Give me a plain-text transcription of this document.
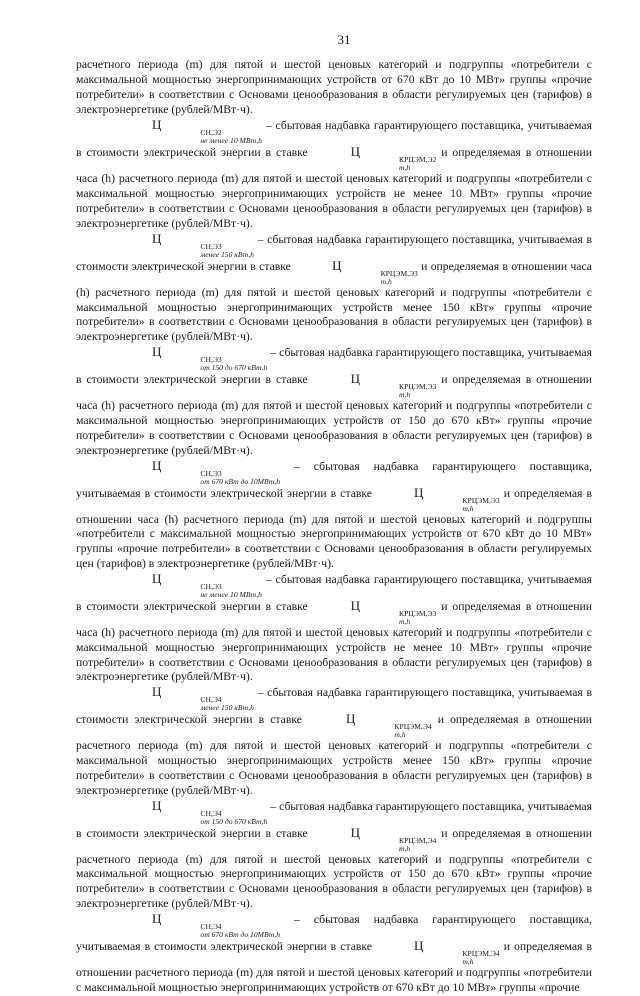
31

расчетного периода (m) для пятой и шестой ценовых категорий и подгруппы «потребители с максимальной мощностью энергопринимающих устройств от 670 кВт до 10 МВт» группы «прочие потребители» в соответствии с Основами ценообразования в области регулируемых цен (тарифов) в электроэнергетике (рублей/МВт·ч).

Ц
СН,Э2
не менее 10 МВт,h
– сбытовая надбавка гарантирующего поставщика, учитываемая в стоимости электрической энергии в ставке	Ц
КРЦЭМ,Э2
m,h
и определяемая в отношении часа (h) расчетного периода (m) для пятой и шестой ценовых категорий и подгруппы «потребители с максимальной мощностью энергопринимающих устройств не менее 10 МВт» группы «прочие потребители» в соответствии с Основами ценообразования в области регулируемых цен (тарифов) в электроэнергетике (рублей/МВт·ч).

Ц
СН,Э3
менее 150 кВт,h
– сбытовая надбавка гарантирующего поставщика, учитываемая в стоимости электрической энергии в ставке	Ц
КРЦЭМ,Э3
m,h
и определяемая в отношении часа (h) расчетного периода (m) для пятой и шестой ценовых категорий и подгруппы «потребители с максимальной мощностью энергопринимающих устройств менее 150 кВт» группы «прочие потребители» в соответствии с Основами ценообразования в области регулируемых цен (тарифов) в электроэнергетике (рублей/МВт·ч).

Ц
СН,Э3
от 150 до 670 кВт,h
– сбытовая надбавка гарантирующего поставщика, учитываемая в стоимости электрической энергии в ставке	Ц
КРЦЭМ,Э3
m,h
и определяемая в отношении часа (h) расчетного периода (m) для пятой и шестой ценовых категорий и подгруппы «потребители с максимальной мощностью энергопринимающих устройств от 150 до 670 кВт» группы «прочие потребители» в соответствии с Основами ценообразования в области регулируемых цен (тарифов) в электроэнергетике (рублей/МВт·ч).

Ц
СН,Э3
от 670 кВт до 10МВт,h
– сбытовая надбавка гарантирующего поставщика, учитываемая в стоимости электрической энергии в ставке	Ц
КРЦЭМ,Э3
m,h
и определяемая в отношении часа (h) расчетного периода (m) для пятой и шестой ценовых категорий и подгруппы «потребители с максимальной мощностью энергопринимающих устройств от 670 кВт до 10 МВт» группы «прочие потребители» в соответствии с Основами ценообразования в области регулируемых цен (тарифов) в электроэнергетике (рублей/МВт·ч).

Ц
СН,Э3
не менее 10 МВт,h
– сбытовая надбавка гарантирующего поставщика, учитываемая в стоимости электрической энергии в ставке	Ц
КРЦЭМ,Э3
m,h
и определяемая в отношении часа (h) расчетного периода (m) для пятой и шестой ценовых категорий и подгруппы «потребители с максимальной мощностью энергопринимающих устройств не менее 10 МВт» группы «прочие потребители» в соответствии с Основами ценообразования в области регулируемых цен (тарифов) в электроэнергетике (рублей/МВт·ч).

Ц
СН,Э4
менее 150 кВт,h
– сбытовая надбавка гарантирующего поставщика, учитываемая в стоимости электрической энергии в ставке	Ц
КРЦЭМ,Э4
m,h
и определяемая в отношении расчетного периода (m) для пятой и шестой ценовых категорий и подгруппы «потребители с максимальной мощностью энергопринимающих устройств менее 150 кВт» группы «прочие потребители» в соответствии с Основами ценообразования в области регулируемых цен (тарифов) в электроэнергетике (рублей/МВт·ч).

Ц
СН,Э4
от 150 до 670 кВт,h
– сбытовая надбавка гарантирующего поставщика, учитываемая в стоимости электрической энергии в ставке	Ц
КРЦЭМ,Э4
m,h
и определяемая в отношении расчетного периода (m) для пятой и шестой ценовых категорий и подгруппы «потребители с максимальной мощностью энергопринимающих устройств от 150 до 670 кВт» группы «прочие потребители» в соответствии с Основами ценообразования в области регулируемых цен (тарифов) в электроэнергетике (рублей/МВт·ч).

Ц
СН,Э4
от 670 кВт до 10МВт,h
– сбытовая надбавка гарантирующего поставщика, учитываемая в стоимости электрической энергии в ставке	Ц
КРЦЭМ,Э4
m,h
и определяемая в отношении расчетного периода (m) для пятой и шестой ценовых категорий и подгруппы «потребители с максимальной мощностью энергопринимающих устройств от 670 кВт до 10 МВт» группы «прочие
